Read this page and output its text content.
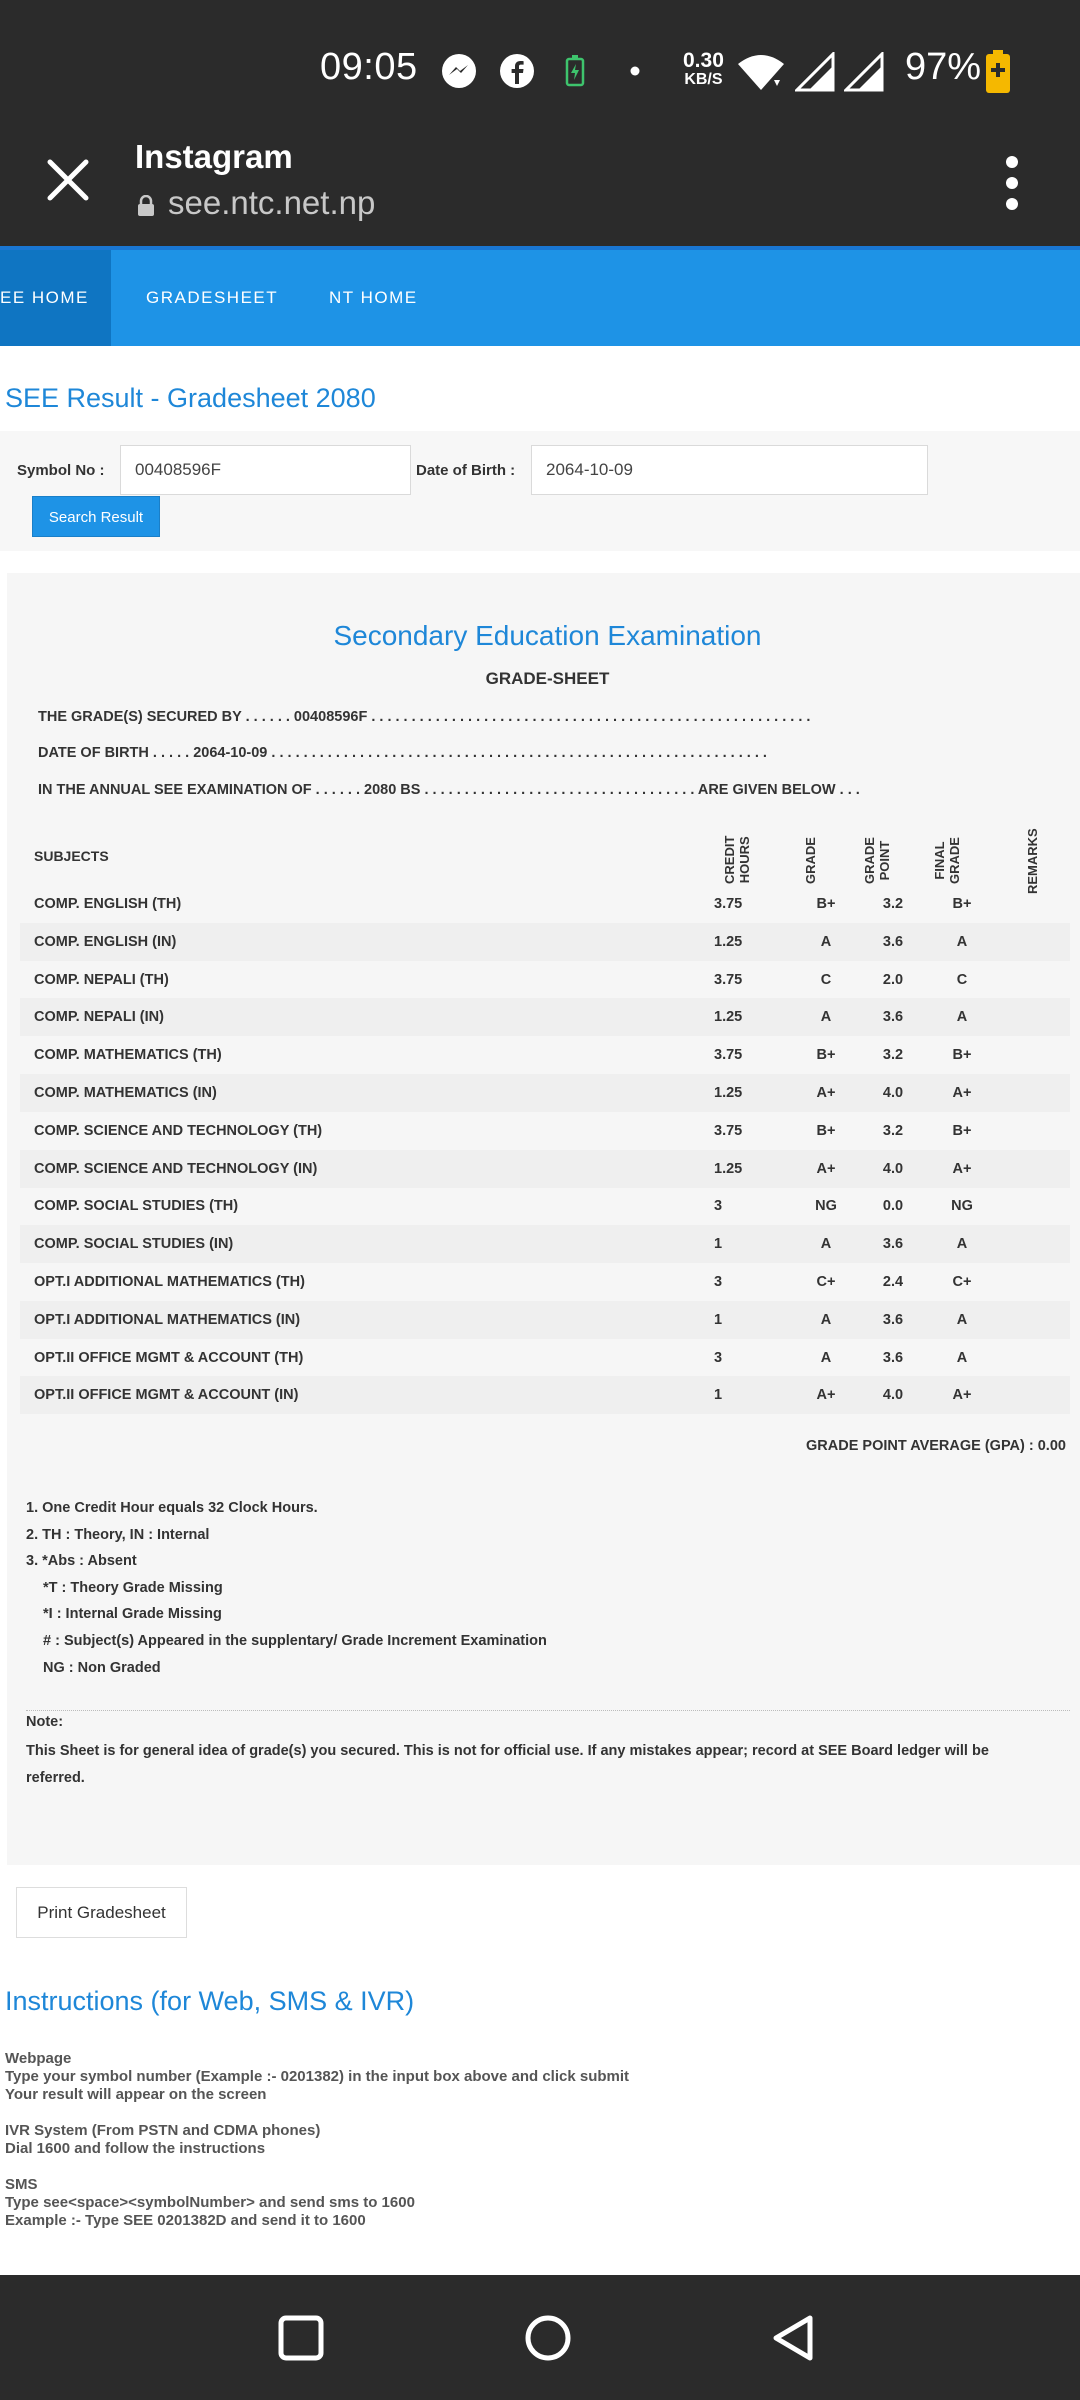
09:05	0.30
KB/S	97%
Instagram
see.ntc.net.np
EE HOME	GRADESHEET	NT HOME
SEE Result - Gradesheet 2080
Symbol No :	00408596F	Date of Birth :	2064-10-09
Search Result
Secondary Education Examination
GRADE-SHEET
THE GRADE(S) SECURED BY . . . . . . 00408596F . . . . . . . . . . . . . . . . . . . . . . . . . . . . . . . . . . . . . . . . . . . . . . . . . . . . . . .
DATE OF BIRTH . . . . . 2064-10-09 . . . . . . . . . . . . . . . . . . . . . . . . . . . . . . . . . . . . . . . . . . . . . . . . . . . . . . . . . . . . . .
IN THE ANNUAL SEE EXAMINATION OF . . . . . . 2080 BS . . . . . . . . . . . . . . . . . . . . . . . . . . . . . . . . . . ARE GIVEN BELOW . . .
SUBJECTS	CREDIT HOURS	GRADE	GRADE POINT	FINAL GRADE	REMARKS
GRADE POINT AVERAGE (GPA) : 0.00
1. One Credit Hour equals 32 Clock Hours.
2. TH : Theory, IN : Internal
3. *Abs : Absent
*T : Theory Grade Missing
*I : Internal Grade Missing
# : Subject(s) Appeared in the supplentary/ Grade Increment Examination
NG : Non Graded
Note:
This Sheet is for general idea of grade(s) you secured. This is not for official use. If any mistakes appear; record at SEE Board ledger will be referred.
Print Gradesheet
Instructions (for Web, SMS & IVR)
Webpage
Type your symbol number (Example :- 0201382) in the input box above and click submit
Your result will appear on the screen
IVR System (From PSTN and CDMA phones)
Dial 1600 and follow the instructions
SMS
Type see<space><symbolNumber> and send sms to 1600
Example :- Type SEE 0201382D and send it to 1600
COMP. ENGLISH (TH)	3.75	B+	3.2	B+
COMP. ENGLISH (IN)	1.25	A	3.6	A
COMP. NEPALI (TH)	3.75	C	2.0	C
COMP. NEPALI (IN)	1.25	A	3.6	A
COMP. MATHEMATICS (TH)	3.75	B+	3.2	B+
COMP. MATHEMATICS (IN)	1.25	A+	4.0	A+
COMP. SCIENCE AND TECHNOLOGY (TH)	3.75	B+	3.2	B+
COMP. SCIENCE AND TECHNOLOGY (IN)	1.25	A+	4.0	A+
COMP. SOCIAL STUDIES (TH)	3	NG	0.0	NG
COMP. SOCIAL STUDIES (IN)	1	A	3.6	A
OPT.I ADDITIONAL MATHEMATICS (TH)	3	C+	2.4	C+
OPT.I ADDITIONAL MATHEMATICS (IN)	1	A	3.6	A
OPT.II OFFICE MGMT & ACCOUNT (TH)	3	A	3.6	A
OPT.II OFFICE MGMT & ACCOUNT (IN)	1	A+	4.0	A+
